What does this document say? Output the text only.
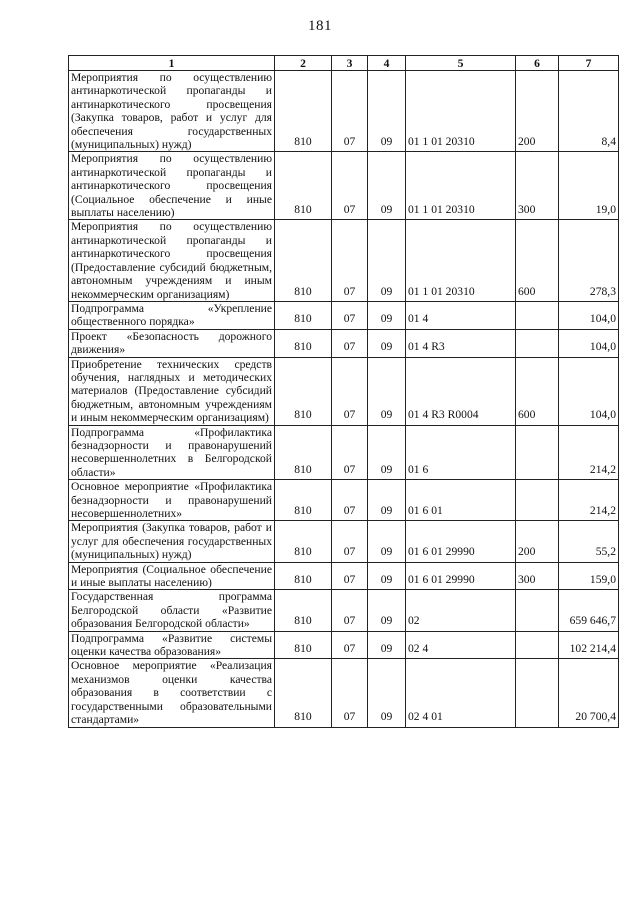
181
1	2	3	4	5	6	7
Мероприятия по осуществлению антинаркотической пропаганды и антинаркотического просвещения (Закупка товаров, работ и услуг для обеспечения государственных (муниципальных) нужд)	810	07	09	01 1 01 20310	200	8,4
Мероприятия по осуществлению антинаркотической пропаганды и антинаркотического просвещения (Социальное обеспечение и иные выплаты населению)	810	07	09	01 1 01 20310	300	19,0
Мероприятия по осуществлению антинаркотической пропаганды и антинаркотического просвещения (Предоставление субсидий бюджетным, автономным учреждениям и иным некоммерческим организациям)	810	07	09	01 1 01 20310	600	278,3
Подпрограмма «Укрепление общественного порядка»	810	07	09	01 4		104,0
Проект «Безопасность дорожного движения»	810	07	09	01 4 R3		104,0
Приобретение технических средств обучения, наглядных и методических материалов (Предоставление субсидий бюджетным, автономным учреждениям и иным некоммерческим организациям)	810	07	09	01 4 R3 R0004	600	104,0
Подпрограмма «Профилактика безнадзорности и правонарушений несовершеннолетних в Белгородской области»	810	07	09	01 6		214,2
Основное мероприятие «Профилактика безнадзорности и правонарушений несовершеннолетних»	810	07	09	01 6 01		214,2
Мероприятия (Закупка товаров, работ и услуг для обеспечения государственных (муниципальных) нужд)	810	07	09	01 6 01 29990	200	55,2
Мероприятия (Социальное обеспечение и иные выплаты населению)	810	07	09	01 6 01 29990	300	159,0
Государственная программа Белгородской области «Развитие образования Белгородской области»	810	07	09	02		659 646,7
Подпрограмма «Развитие системы оценки качества образования»	810	07	09	02 4		102 214,4
Основное мероприятие «Реализация механизмов оценки качества образования в соответствии с государственными образовательными стандартами»	810	07	09	02 4 01		20 700,4
